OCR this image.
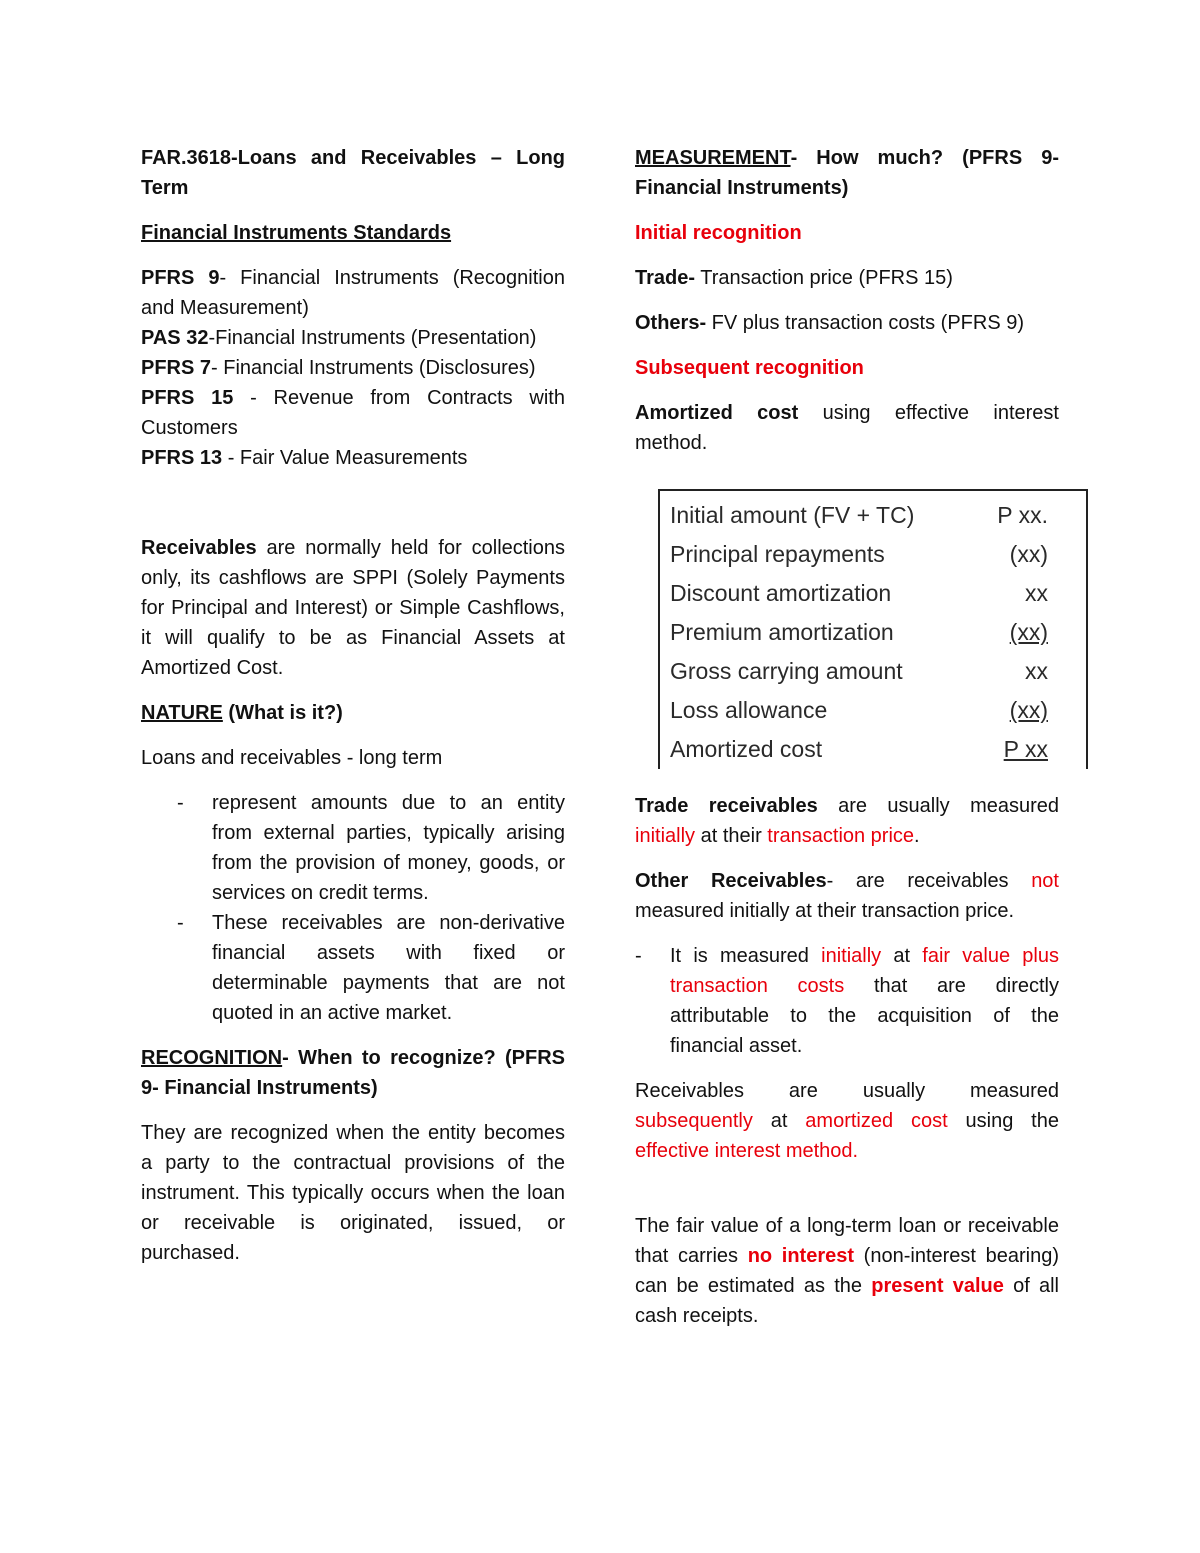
FAR.3618-Loans and Receivables – Long Term

Financial Instruments Standards

PFRS 9- Financial Instruments (Recognition and Measurement)
PAS 32-Financial Instruments (Presentation)
PFRS 7- Financial Instruments (Disclosures)
PFRS 15 - Revenue from Contracts with Customers
PFRS 13 - Fair Value Measurements

Receivables are normally held for collections only, its cashflows are SPPI (Solely Payments for Principal and Interest) or Simple Cashflows, it will qualify to be as Financial Assets at Amortized Cost.

NATURE (What is it?)

Loans and receivables - long term

- represent amounts due to an entity from external parties, typically arising from the provision of money, goods, or services on credit terms.
- These receivables are non-derivative financial assets with fixed or determinable payments that are not quoted in an active market.

RECOGNITION- When to recognize? (PFRS 9- Financial Instruments)

They are recognized when the entity becomes a party to the contractual provisions of the instrument. This typically occurs when the loan or receivable is originated, issued, or purchased.

MEASUREMENT- How much? (PFRS 9- Financial Instruments)

Initial recognition

Trade- Transaction price (PFRS 15)

Others- FV plus transaction costs (PFRS 9)

Subsequent recognition

Amortized cost using effective interest method.

Trade receivables are usually measured initially at their transaction price.

Other Receivables- are receivables not measured initially at their transaction price.

- It is measured initially at fair value plus transaction costs that are directly attributable to the acquisition of the financial asset.

Receivables are usually measured subsequently at amortized cost using the effective interest method.

The fair value of a long-term loan or receivable that carries no interest (non-interest bearing) can be estimated as the present value of all cash receipts.

Initial amount (FV + TC)	P xx.
Principal repayments	(xx)
Discount amortization	xx
Premium amortization	(xx)
Gross carrying amount	xx
Loss allowance	(xx)
Amortized cost	P xx
